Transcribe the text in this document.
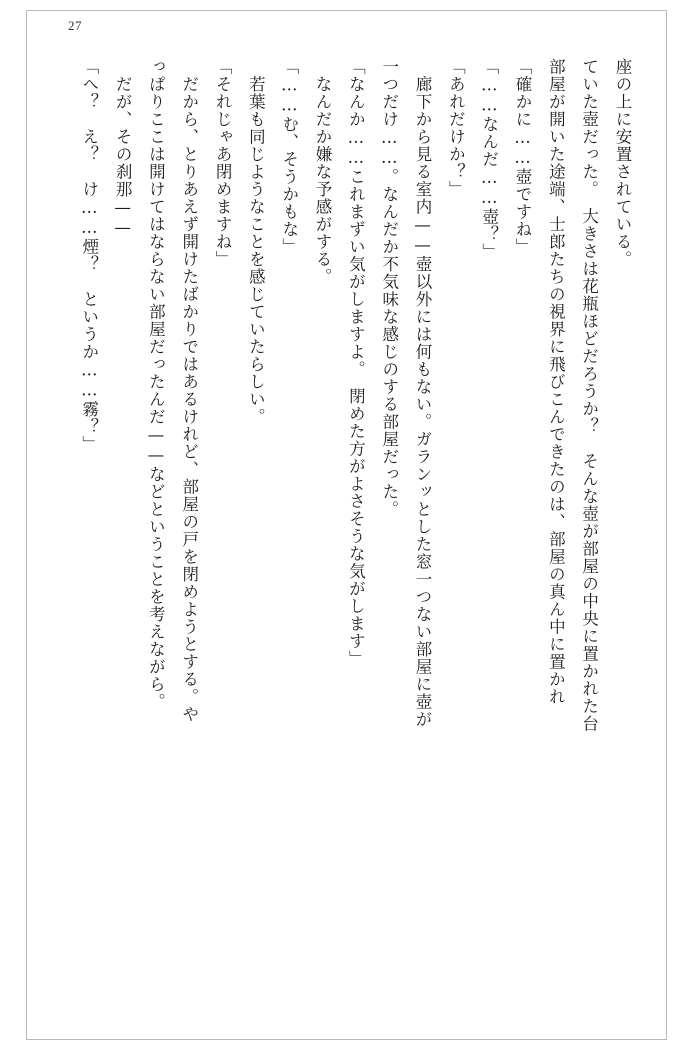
27

座の上に安置されている。

ていた壺だった。　大きさは花瓶ほどだろうか？　そんな壺が部屋の中央に置かれた台

部屋が開いた途端、士郎たちの視界に飛びこんできたのは、部屋の真ん中に置かれ

「確かに……壺ですね」

「……なんだ……壺？」

「あれだけか？」

　廊下から見る室内——壺以外には何もない。ガランッとした窓一つない部屋に壺が

一つだけ……。なんだか不気味な感じのする部屋だった。

「なんか……これまずい気がしますよ。　閉めた方がよさそうな気がします」

　なんだか嫌な予感がする。

「……む、そうかもな」

　若葉も同じようなことを感じていたらしい。

「それじゃあ閉めますね」

　だから、とりあえず開けたばかりではあるけれど、部屋の戸を閉めようとする。や

っぱりここは開けてはならない部屋だったんだ——などということを考えながら。

　だが、その刹那——

「へ？　え？　け……煙？　というか……霧？」
